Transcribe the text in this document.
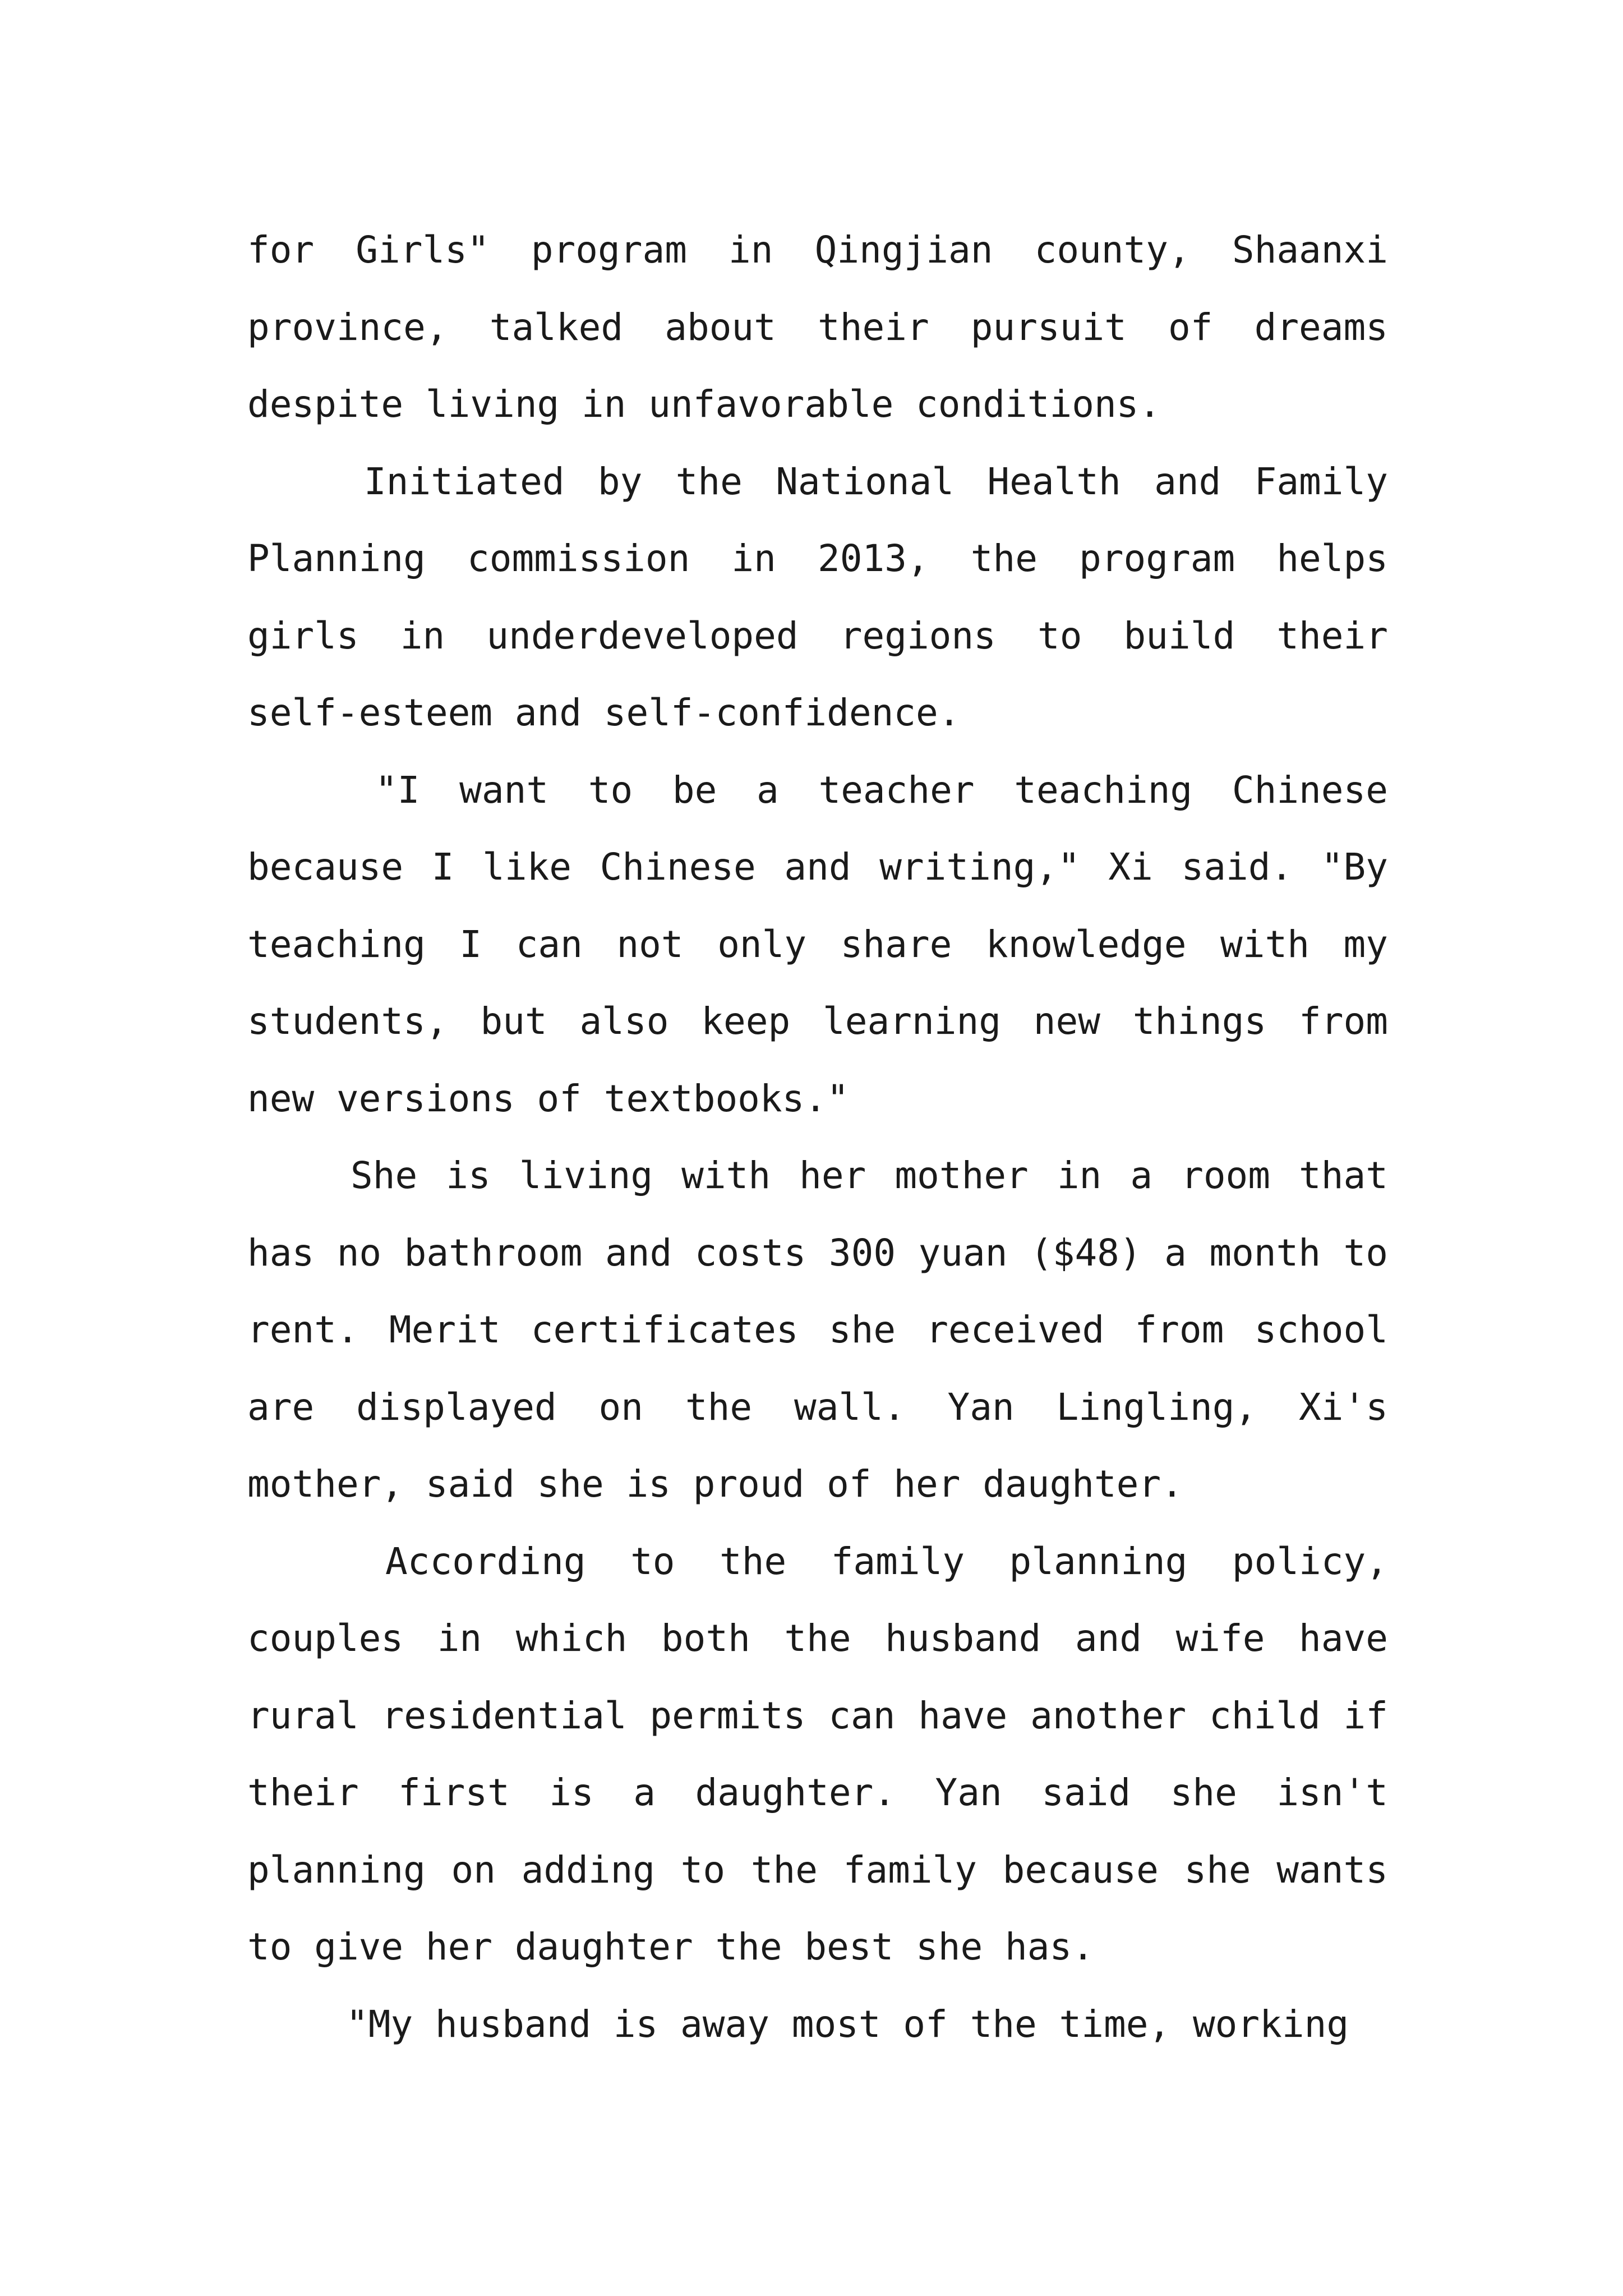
for Girls" program in Qingjian county, Shaanxi province, talked about their pursuit of dreams despite living in unfavorable conditions.

Initiated by the National Health and Family Planning commission in 2013, the program helps girls in underdeveloped regions to build their self-esteem and self-confidence.

"I want to be a teacher teaching Chinese because I like Chinese and writing," Xi said. "By teaching I can not only share knowledge with my students, but also keep learning new things from new versions of textbooks."

She is living with her mother in a room that has no bathroom and costs 300 yuan ($48) a month to rent. Merit certificates she received from school are displayed on the wall. Yan Lingling, Xi's mother, said she is proud of her daughter.

According to the family planning policy, couples in which both the husband and wife have rural residential permits can have another child if their first is a daughter. Yan said she isn't planning on adding to the family because she wants to give her daughter the best she has.

"My husband is away most of the time, working
